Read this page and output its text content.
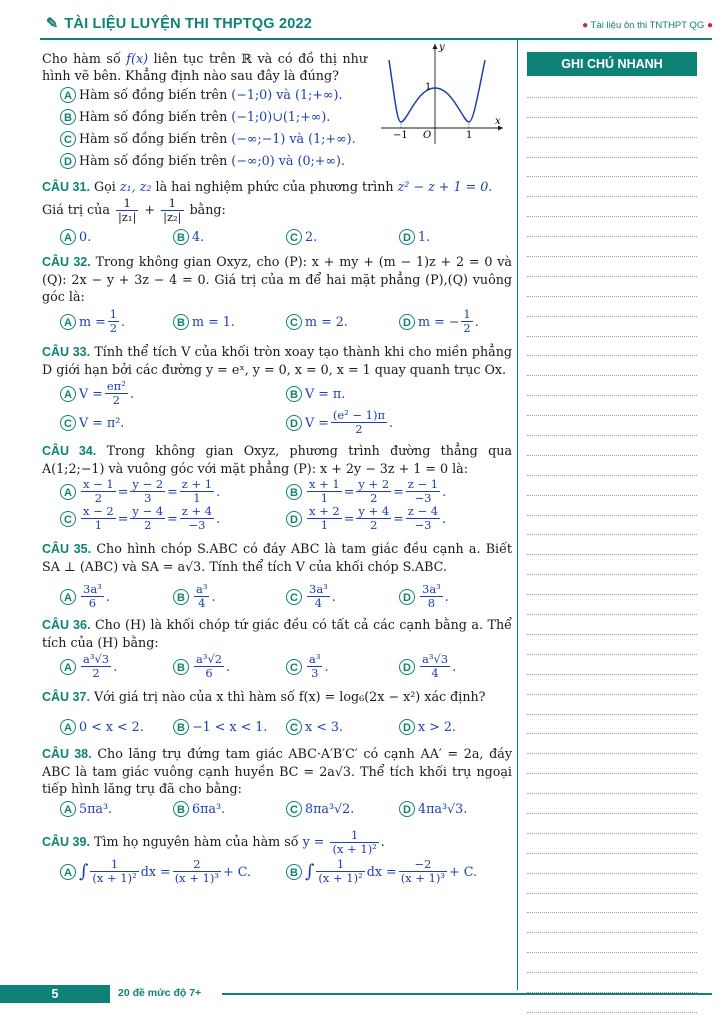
✎ TÀI LIỆU LUYỆN THI THPTQG 2022	● Tài liệu ôn thi TNTHPT QG ●
GHI CHÚ NHANH
y
x
O
−1	1
1

Cho hàm số f(x) liên tục trên ℝ và có đồ thị như hình vẽ bên. Khẳng định nào sau đây là đúng?

A Hàm số đồng biến trên (−1;0) và (1;+∞).
B Hàm số đồng biến trên (−1;0)∪(1;+∞).
C Hàm số đồng biến trên (−∞;−1) và (1;+∞).
D Hàm số đồng biến trên (−∞;0) và (0;+∞).

CÂU 31. Gọi z₁, z₂ là hai nghiệm phức của phương trình z² − z + 1 = 0.

Giá trị của $\frac{1}{\text{|z₁|}} + \frac{1}{\text{|z₂|}}$ bằng:

A 0.	B 4.	C 2.	D 1.

CÂU 32. Trong không gian Oxyz, cho (P): x + my + (m − 1)z + 2 = 0 và (Q): 2x − y + 3z − 4 = 0. Giá trị của m để hai mặt phẳng (P),(Q) vuông góc là:

A $m = \frac{1}{2}$ .	B m = 1.	C m = 2.	D m = − $\frac{1}{2}$ .

CÂU 33. Tính thể tích V của khối tròn xoay tạo thành khi cho miền phẳng D giới hạn bởi các đường y = eˣ, y = 0, x = 0, x = 1 quay quanh trục Ox.

A $V = \frac{\text{eπ²}}{2}$ .	B V = π.
C V = π².	D $V = \frac{\text{(e² − 1)π}}{2}$ .

CÂU 34. Trong không gian Oxyz, phương trình đường thẳng qua A(1;2;−1) và vuông góc với mặt phẳng (P): x + 2y − 3z + 1 = 0 là:

A $\frac{x - 1}{2} = \frac{y - 2}{3} = \frac{z + 1}{1}$ .	B $\frac{x + 1}{1} = \frac{y + 2}{2} = \frac{z - 1}{-3}$ .
C $\frac{x - 2}{1} = \frac{y - 4}{2} = \frac{z + 4}{-3}$ .	D $\frac{x + 2}{1} = \frac{y + 4}{2} = \frac{z - 4}{-3}$ .

CÂU 35. Cho hình chóp S.ABC có đáy ABC là tam giác đều cạnh a. Biết SA ⊥ (ABC) và SA = a√3. Tính thể tích V của khối chóp S.ABC.

A $\frac{\text{3a³}}{6}$ .	B $\frac{\text{a³}}{4}$ .	C $\frac{\text{3a³}}{4}$ .	D $\frac{\text{3a³}}{8}$ .

CÂU 36. Cho (H) là khối chóp tứ giác đều có tất cả các cạnh bằng a. Thể tích của (H) bằng:

A $\frac{\text{a³√3}}{2}$ .	B $\frac{\text{a³√2}}{6}$ .	C $\frac{\text{a³}}{3}$ .	D $\frac{\text{a³√3}}{4}$ .

CÂU 37. Với giá trị nào của x thì hàm số f(x) = log₆(2x − x²) xác định?

A 0 < x < 2.	B −1 < x < 1.	C x < 3.	D x > 2.

CÂU 38. Cho lăng trụ đứng tam giác ABC·A′B′C′ có cạnh AA′ = 2a, đáy ABC là tam giác vuông cạnh huyền BC = 2a√3. Thể tích khối trụ ngoại tiếp hình lăng trụ đã cho bằng:

A 5πa³.	B 6πa³.	C 8πa³√2.	D 4πa³√3.

CÂU 39. Tìm họ nguyên hàm của hàm số $y = \frac{1}{\text{(x + 1)²}}$ .

A ∫ $\frac{1}{\text{(x + 1)²}}$ dx = $\frac{2}{\text{(x + 1)³}} + C$.	B ∫ $\frac{1}{\text{(x + 1)²}}$ dx = $\frac{-2}{\text{(x + 1)³}} + C$.
5	20 đề mức độ 7+
